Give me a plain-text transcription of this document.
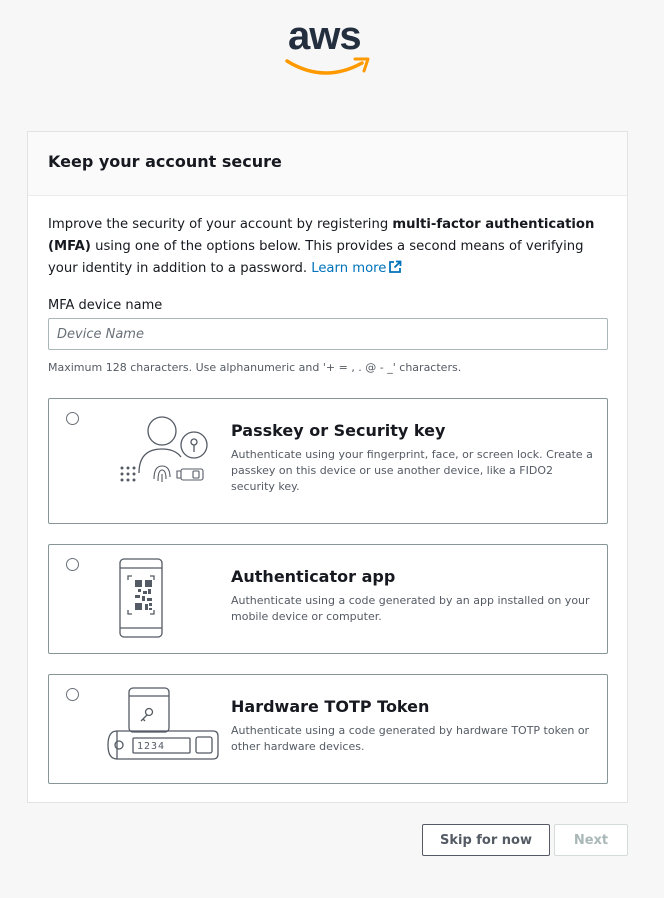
aws
Keep your account secure

Improve the security of your account by registering multi-factor authentication (MFA) using one of the options below. This provides a second means of verifying your identity in addition to a password. Learn more

MFA device name
Device Name
Maximum 128 characters. Use alphanumeric and '+ = , . @ - _' characters.
Passkey or Security key
Authenticate using your fingerprint, face, or screen lock. Create a passkey on this device or use another device, like a FIDO2 security key.
Authenticator app
Authenticate using a code generated by an app installed on your mobile device or computer.
1234
Hardware TOTP Token
Authenticate using a code generated by hardware TOTP token or other hardware devices.
Skip for now	Next
